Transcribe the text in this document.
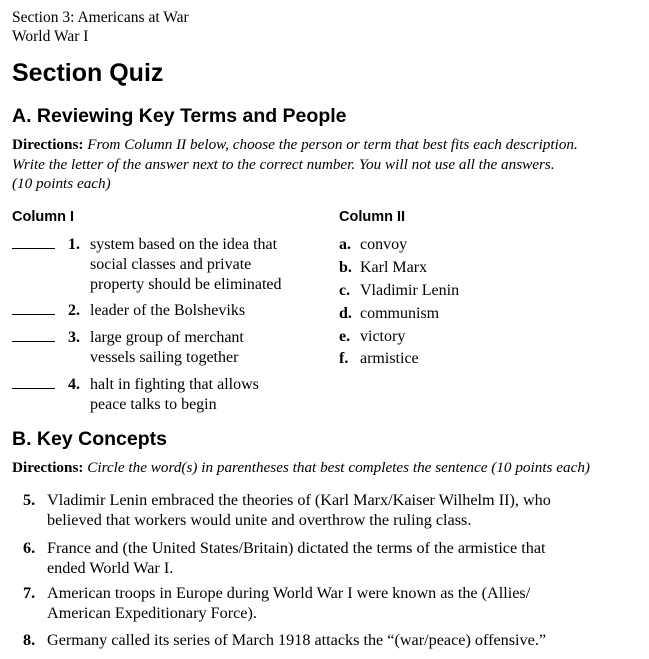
Section 3: Americans at War
World War I
Section Quiz
A. Reviewing Key Terms and People
Directions: From Column II below, choose the person or term that best fits each description.
Write the letter of the answer next to the correct number. You will not use all the answers.
(10 points each)
Column I	Column II
1. system based on the idea that
social classes and private
property should be eliminated
2. leader of the Bolsheviks
3. large group of merchant
vessels sailing together
4. halt in fighting that allows
peace talks to begin
a. convoy
b. Karl Marx
c. Vladimir Lenin
d. communism
e. victory
f. armistice
B. Key Concepts
Directions: Circle the word(s) in parentheses that best completes the sentence (10 points each)
5. Vladimir Lenin embraced the theories of (Karl Marx/Kaiser Wilhelm II), who
believed that workers would unite and overthrow the ruling class.
6. France and (the United States/Britain) dictated the terms of the armistice that
ended World War I.
7. American troops in Europe during World War I were known as the (Allies/
American Expeditionary Force).
8. Germany called its series of March 1918 attacks the “(war/peace) offensive.”
